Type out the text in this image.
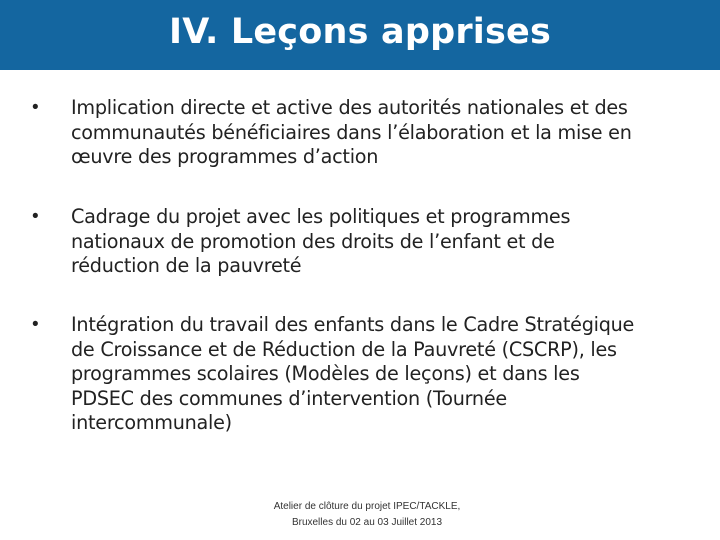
IV. Leçons apprises
• Implication directe et active des autorités nationales et des
communautés bénéficiaires dans l’élaboration et la mise en
œuvre des programmes d’action
• Cadrage du projet avec les politiques et programmes
nationaux de promotion des droits de l’enfant et de
réduction de la pauvreté
• Intégration du travail des enfants dans le Cadre Stratégique
de Croissance et de Réduction de la Pauvreté (CSCRP), les
programmes scolaires (Modèles de leçons) et dans les
PDSEC des communes d’intervention (Tournée
intercommunale)
Atelier de clôture du projet IPEC/TACKLE,
Bruxelles du 02 au 03 Juillet 2013
